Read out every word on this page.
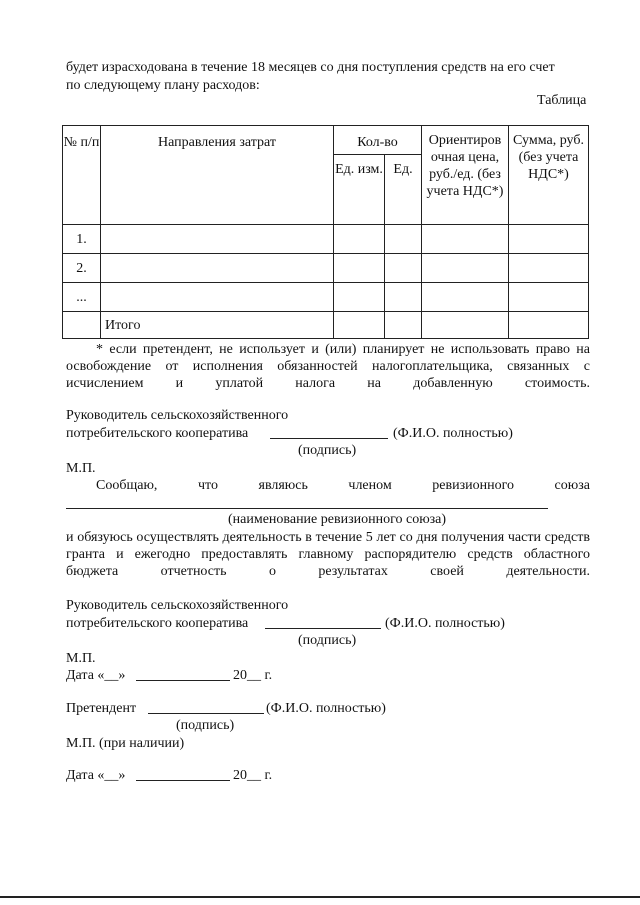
будет израсходована в течение 18 месяцев со дня поступления средств на его счет
по следующему плану расходов:
Таблица
№ п/п	Направления затрат	Кол-во		Ориентиров очная цена, руб./ед. (без учета НДС*)	Сумма, руб. (без учета НДС*)
		Ед. изм.	Ед.		
1.					
2.					
...					
	Итого				
* если претендент, не использует и (или) планирует не использовать право на освобождение от исполнения обязанностей налогоплательщика, связанных с исчислением и уплатой налога на добавленную стоимость.
Руководитель сельскохозяйственного
потребительского кооператива	(Ф.И.О. полностью)
(подпись)
М.П.
Сообщаю,	что	являюсь	членом	ревизионного	союза
(наименование ревизионного союза)
и обязуюсь осуществлять деятельность в течение 5 лет со дня получения части средств гранта и ежегодно предоставлять главному распорядителю средств областного бюджета отчетность о результатах своей деятельности.
Руководитель сельскохозяйственного
потребительского кооператива	(Ф.И.О. полностью)
(подпись)
М.П.
Дата «__»	20__ г.
Претендент	(Ф.И.О. полностью)
(подпись)
М.П. (при наличии)
Дата «__»	20__ г.
